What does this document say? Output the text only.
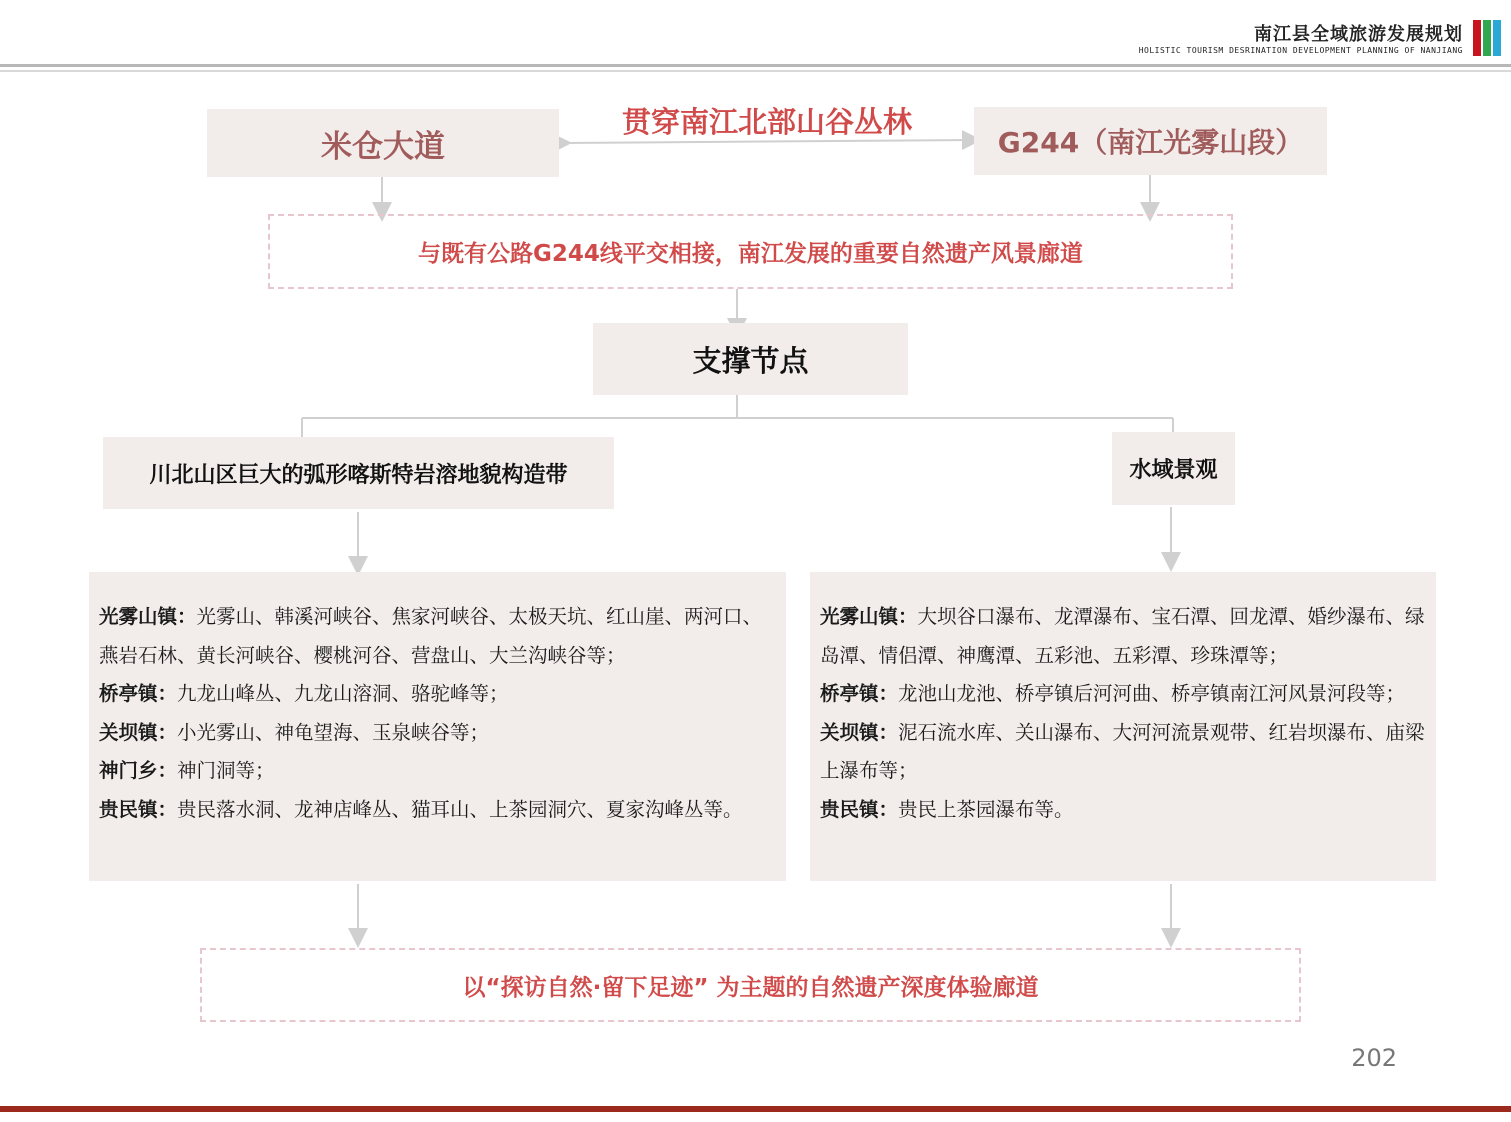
南江县全域旅游发展规划
HOLISTIC TOURISM DESRINATION DEVELOPMENT PLANNING OF NANJIANG
米仓大道
贯穿南江北部山谷丛林
G244（南江光雾山段）
与既有公路G244线平交相接，南江发展的重要自然遗产风景廊道
支撑节点
川北山区巨大的弧形喀斯特岩溶地貌构造带	水域景观
光雾山镇：光雾山、韩溪河峡谷、焦家河峡谷、太极天坑、红山崖、两河口、燕岩石林、黄长河峡谷、樱桃河谷、营盘山、大兰沟峡谷等；
桥亭镇：九龙山峰丛、九龙山溶洞、骆驼峰等；
关坝镇：小光雾山、神龟望海、玉泉峡谷等；
神门乡：神门洞等；
贵民镇：贵民落水洞、龙神店峰丛、猫耳山、上茶园洞穴、夏家沟峰丛等。
光雾山镇：大坝谷口瀑布、龙潭瀑布、宝石潭、回龙潭、婚纱瀑布、绿岛潭、情侣潭、神鹰潭、五彩池、五彩潭、珍珠潭等；
桥亭镇：龙池山龙池、桥亭镇后河河曲、桥亭镇南江河风景河段等；
关坝镇：泥石流水库、关山瀑布、大河河流景观带、红岩坝瀑布、庙梁上瀑布等；
贵民镇：贵民上茶园瀑布等。
以“探访自然·留下足迹” 为主题的自然遗产深度体验廊道
202
